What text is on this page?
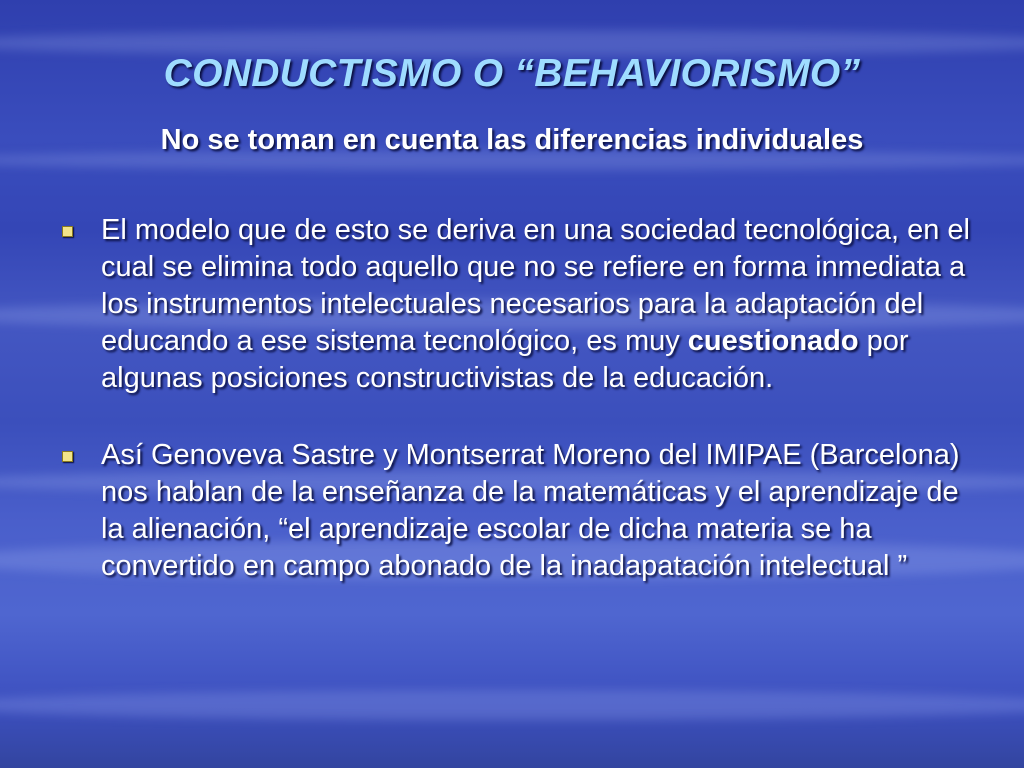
CONDUCTISMO O “BEHAVIORISMO”
No se toman en cuenta las diferencias individuales
El modelo que de esto se deriva en una sociedad tecnológica, en el cual se elimina todo aquello que no se refiere en forma inmediata a los instrumentos intelectuales necesarios para la adaptación del educando a ese sistema tecnológico, es muy cuestionado por algunas posiciones constructivistas de la educación.
Así Genoveva Sastre y Montserrat Moreno del IMIPAE (Barcelona) nos hablan de la enseñanza de la matemáticas y el aprendizaje de la alienación, “el aprendizaje escolar de dicha materia se ha convertido en campo abonado de la inadapatación intelectual ”
